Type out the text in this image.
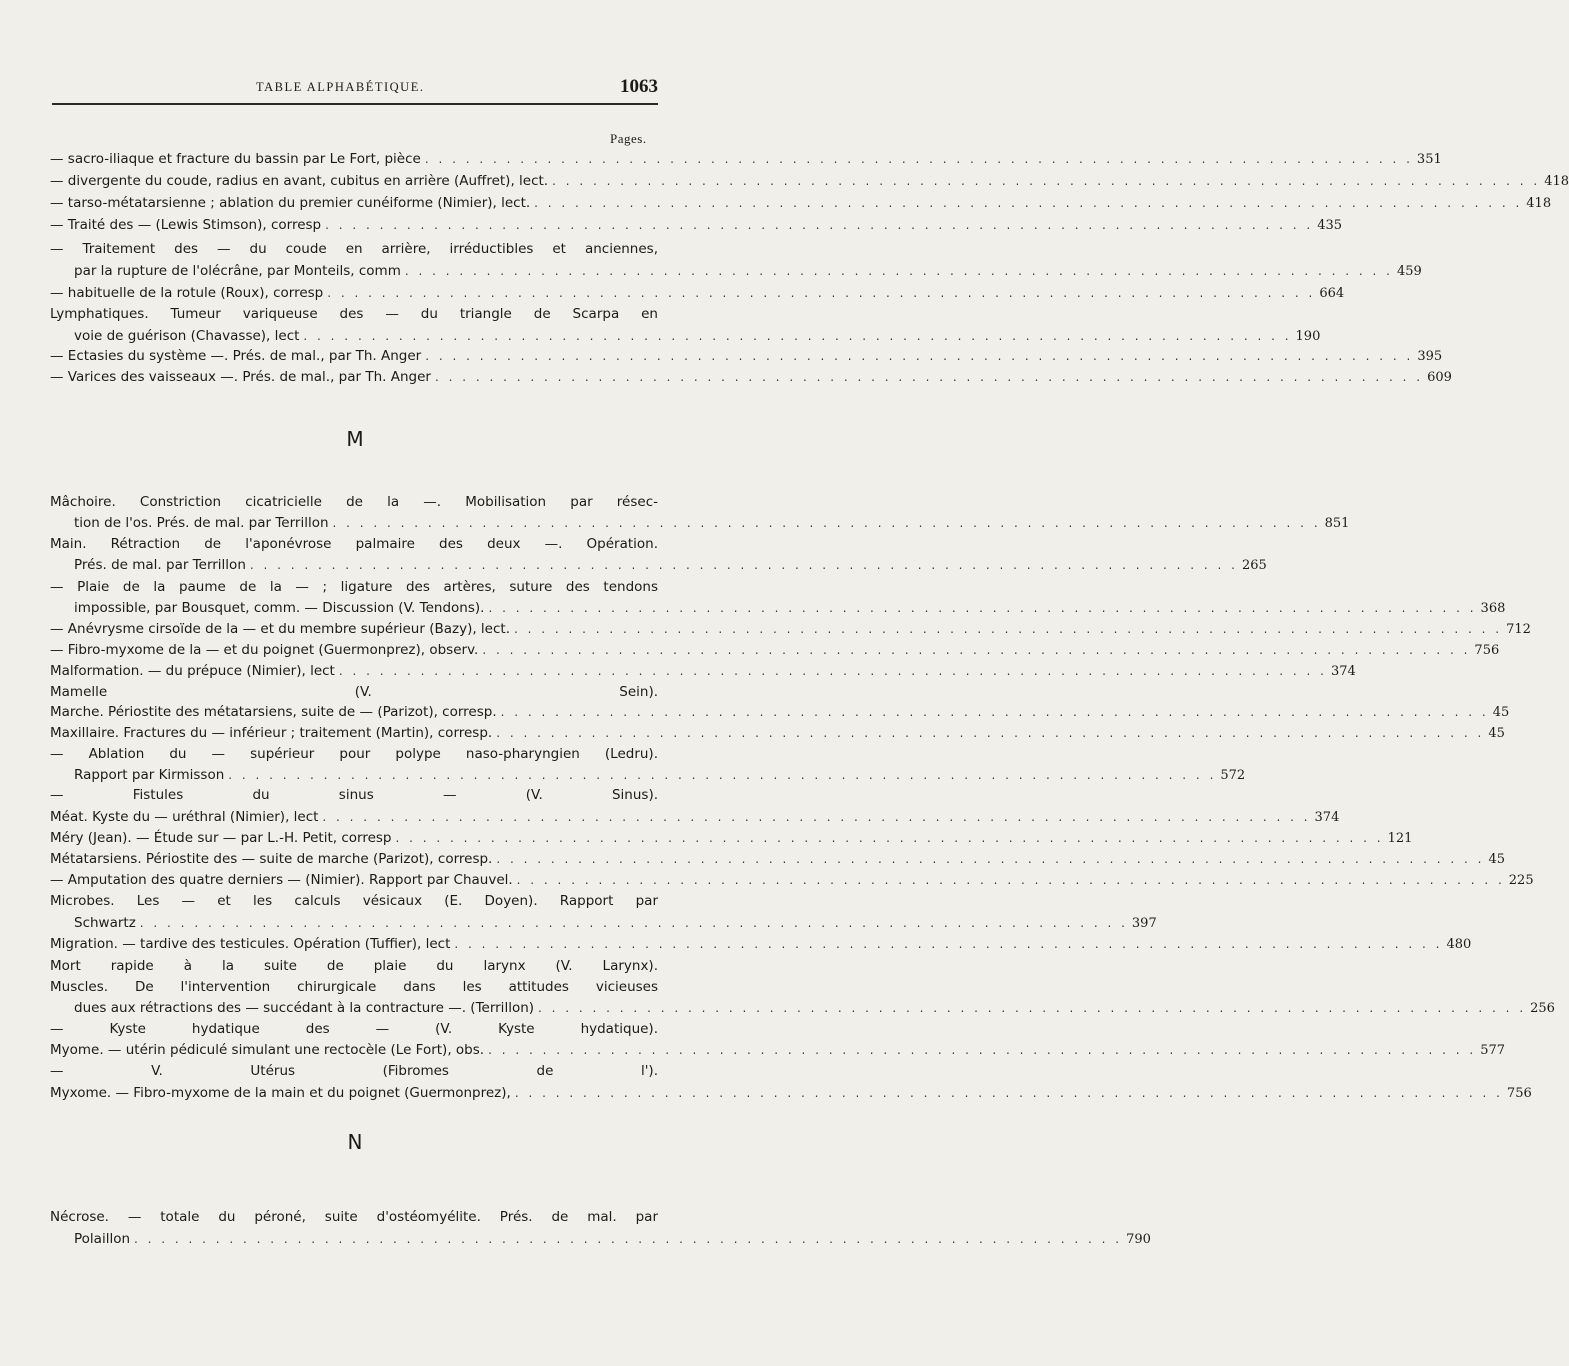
TABLE ALPHABÉTIQUE.	1063
Pages.
— sacro-iliaque et fracture du bassin par Le Fort, pièce . . .	351
— divergente du coude, radius en avant, cubitus en arrière (Auffret), lect. . . .	418
— tarso-métatarsienne ; ablation du premier cunéiforme (Nimier), lect. . . .	418
— Traité des — (Lewis Stimson), corresp . . .	435
— Traitement des — du coude en arrière, irréductibles et anciennes,
par la rupture de l'olécrâne, par Monteils, comm . . .	459
— habituelle de la rotule (Roux), corresp . . .	664
Lymphatiques. Tumeur variqueuse des — du triangle de Scarpa en
voie de guérison (Chavasse), lect . . .	190
— Ectasies du système —. Prés. de mal., par Th. Anger . . .	395
— Varices des vaisseaux —. Prés. de mal., par Th. Anger . . .	609
Mâchoire. Constriction cicatricielle de la —. Mobilisation par résec-
tion de l'os. Prés. de mal. par Terrillon . . .	851
Main. Rétraction de l'aponévrose palmaire des deux —. Opération.
Prés. de mal. par Terrillon . . .	265
— Plaie de la paume de la — ; ligature des artères, suture des tendons
impossible, par Bousquet, comm. — Discussion (V. Tendons). . . .	368
— Anévrysme cirsoïde de la — et du membre supérieur (Bazy), lect. . . .	712
— Fibro-myxome de la — et du poignet (Guermonprez), observ. . . .	756
Malformation. — du prépuce (Nimier), lect . . .	374
Mamelle (V. Sein).
Marche. Périostite des métatarsiens, suite de — (Parizot), corresp. . . .	45
Maxillaire. Fractures du — inférieur ; traitement (Martin), corresp. . . .	45
— Ablation du — supérieur pour polype naso-pharyngien (Ledru).
Rapport par Kirmisson . . .	572
— Fistules du sinus — (V. Sinus).
Méat. Kyste du — uréthral (Nimier), lect . . .	374
Méry (Jean). — Étude sur — par L.-H. Petit, corresp . . .	121
Métatarsiens. Périostite des — suite de marche (Parizot), corresp. . . .	45
— Amputation des quatre derniers — (Nimier). Rapport par Chauvel. . . .	225
Microbes. Les — et les calculs vésicaux (E. Doyen). Rapport par
Schwartz . . .	397
Migration. — tardive des testicules. Opération (Tuffier), lect . . .	480
Mort rapide à la suite de plaie du larynx (V. Larynx).
Muscles. De l'intervention chirurgicale dans les attitudes vicieuses
dues aux rétractions des — succédant à la contracture —. (Terrillon) . . .	256
— Kyste hydatique des — (V. Kyste hydatique).
Myome. — utérin pédiculé simulant une rectocèle (Le Fort), obs. . . .	577
— V. Utérus (Fibromes de l').
Myxome. — Fibro-myxome de la main et du poignet (Guermonprez), . . .	756
Nécrose. — totale du péroné, suite d'ostéomyélite. Prés. de mal. par
Polaillon . . .	790
M
N
